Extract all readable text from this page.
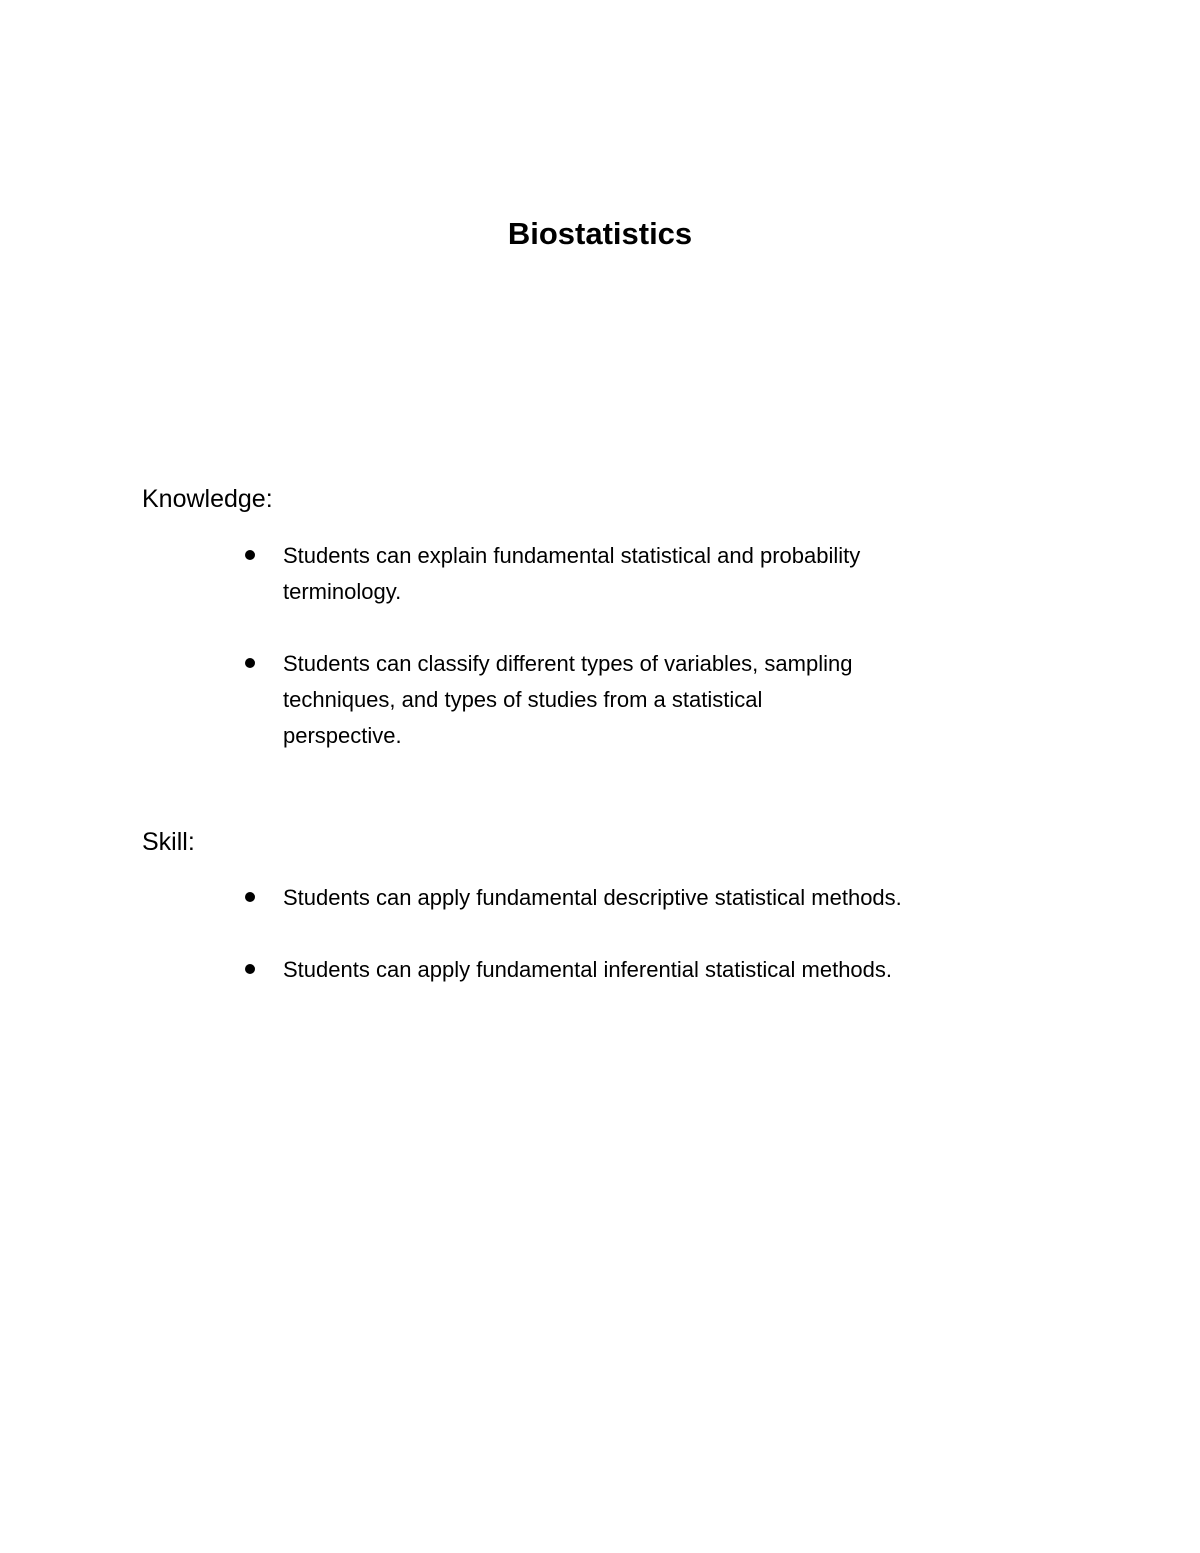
Biostatistics
Knowledge:
Students can explain fundamental statistical and probability terminology.
Students can classify different types of variables, sampling techniques, and types of studies from a statistical perspective.
Skill:
Students can apply fundamental descriptive statistical methods.
Students can apply fundamental inferential statistical methods.
